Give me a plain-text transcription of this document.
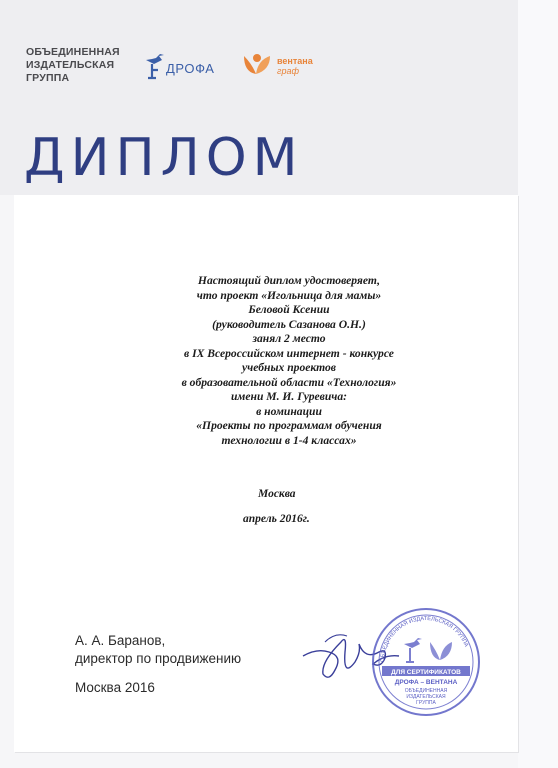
ОБЪЕДИНЕННАЯ
ИЗДАТЕЛЬСКАЯ
ГРУППА
ДРОФА	вентана
граф
ДИПЛОМ
Настоящий диплом удостоверяет,
что проект «Игольница для мамы»
Беловой Ксении
(руководитель Сазанова О.Н.)
занял 2 место
в IX Всероссийском интернет - конкурсе
учебных проектов
в образовательной области «Технология»
имени М. И. Гуревича:
в номинации
«Проекты по программам обучения
технологии в 1-4 классах»
Москва
апрель 2016г.
А. А. Баранов,
директор по продвижению
Москва 2016
ОБЪЕДИНЕННАЯ ИЗДАТЕЛЬСКАЯ ГРУППА
ДЛЯ СЕРТИФИКАТОВ
ДРОФА – ВЕНТАНА
ОБЪЕДИНЕННАЯ
ИЗДАТЕЛЬСКАЯ
ГРУППА
